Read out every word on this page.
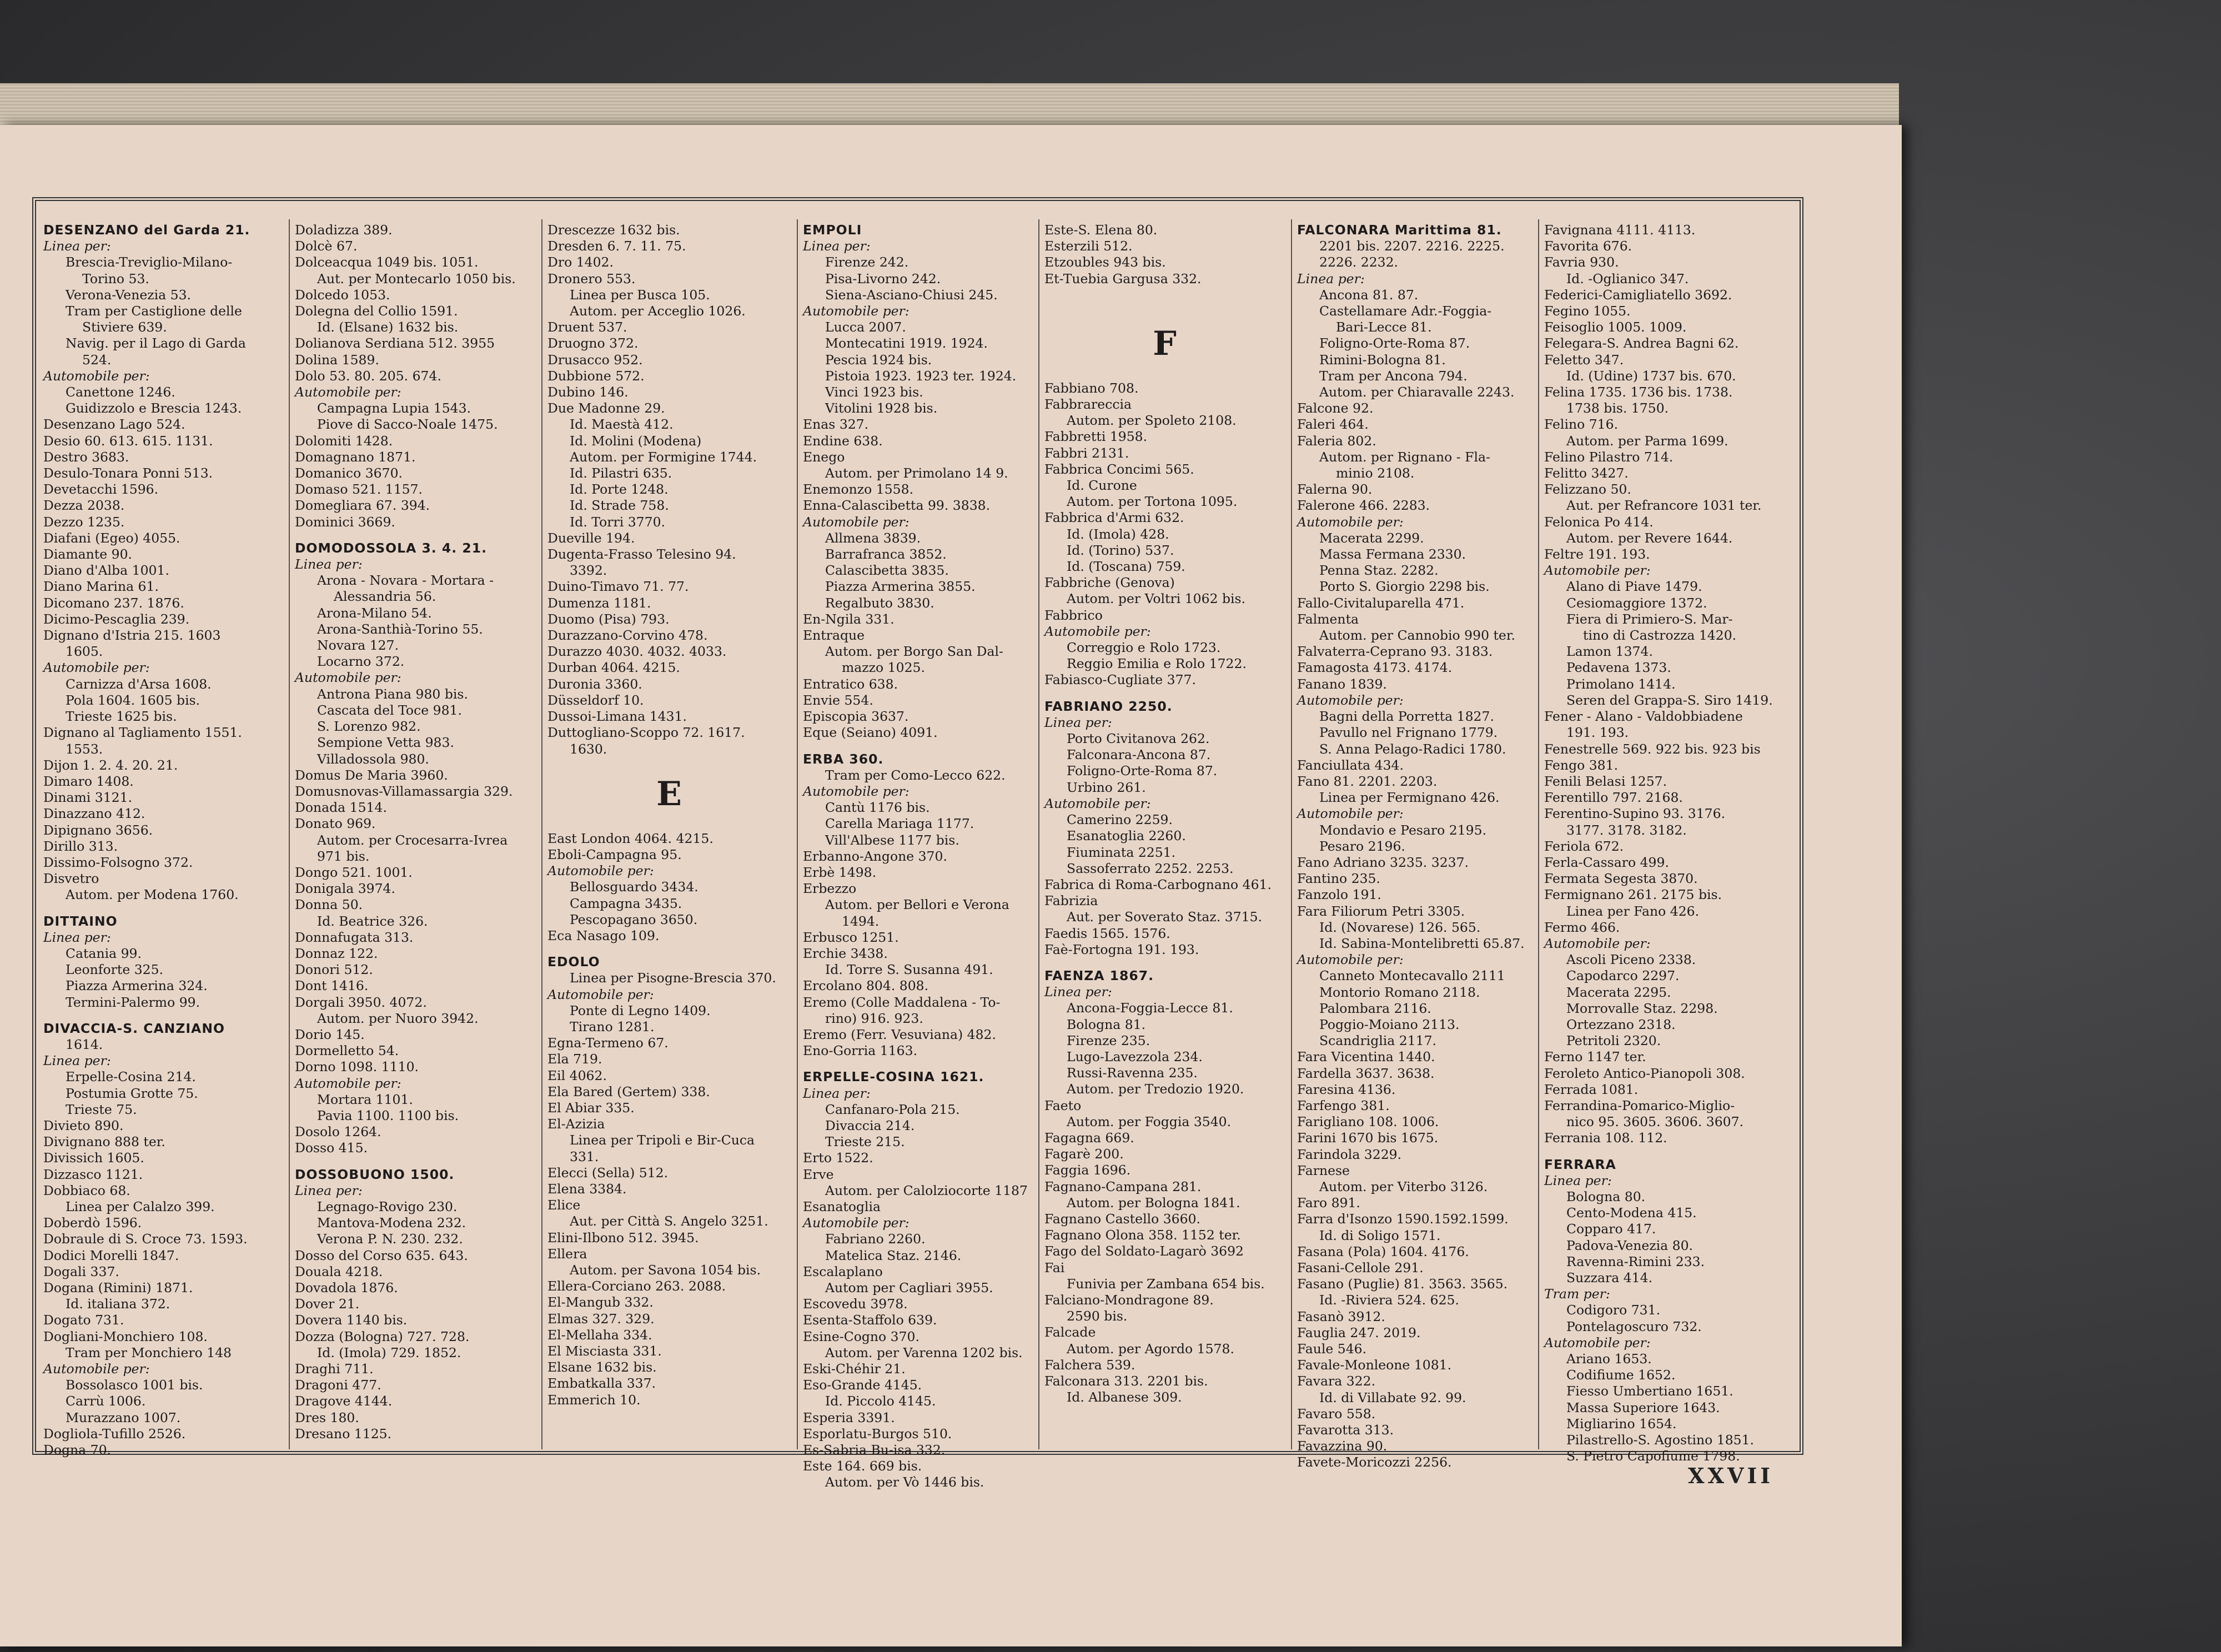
DESENZANO del Garda 21.
Linea per:
Brescia-Treviglio-Milano-
Torino 53.
Verona-Venezia 53.
Tram per Castiglione delle
Stiviere 639.
Navig. per il Lago di Garda
524.
Automobile per:
Canettone 1246.
Guidizzolo e Brescia 1243.
Desenzano Lago 524.
Desio 60. 613. 615. 1131.
Destro 3683.
Desulo-Tonara Ponni 513.
Devetacchi 1596.
Dezza 2038.
Dezzo 1235.
Diafani (Egeo) 4055.
Diamante 90.
Diano d'Alba 1001.
Diano Marina 61.
Dicomano 237. 1876.
Dicimo-Pescaglia 239.
Dignano d'Istria 215. 1603
1605.
Automobile per:
Carnizza d'Arsa 1608.
Pola 1604. 1605 bis.
Trieste 1625 bis.
Dignano al Tagliamento 1551.
1553.
Dijon 1. 2. 4. 20. 21.
Dimaro 1408.
Dinami 3121.
Dinazzano 412.
Dipignano 3656.
Dirillo 313.
Dissimo-Folsogno 372.
Disvetro
Autom. per Modena 1760.
DITTAINO
Linea per:
Catania 99.
Leonforte 325.
Piazza Armerina 324.
Termini-Palermo 99.
DIVACCIA-S. CANZIANO
1614.
Linea per:
Erpelle-Cosina 214.
Postumia Grotte 75.
Trieste 75.
Divieto 890.
Divignano 888 ter.
Divissich 1605.
Dizzasco 1121.
Dobbiaco 68.
Linea per Calalzo 399.
Doberdò 1596.
Dobraule di S. Croce 73. 1593.
Dodici Morelli 1847.
Dogali 337.
Dogana (Rimini) 1871.
Id. italiana 372.
Dogato 731.
Dogliani-Monchiero 108.
Tram per Monchiero 148
Automobile per:
Bossolasco 1001 bis.
Carrù 1006.
Murazzano 1007.
Dogliola-Tufillo 2526.
Dogna 70.
Doladizza 389.
Dolcè 67.
Dolceacqua 1049 bis. 1051.
Aut. per Montecarlo 1050 bis.
Dolcedo 1053.
Dolegna del Collio 1591.
Id. (Elsane) 1632 bis.
Dolianova Serdiana 512. 3955
Dolina 1589.
Dolo 53. 80. 205. 674.
Automobile per:
Campagna Lupia 1543.
Piove di Sacco-Noale 1475.
Dolomiti 1428.
Domagnano 1871.
Domanico 3670.
Domaso 521. 1157.
Domegliara 67. 394.
Dominici 3669.
DOMODOSSOLA 3. 4. 21.
Linea per:
Arona - Novara - Mortara -
Alessandria 56.
Arona-Milano 54.
Arona-Santhià-Torino 55.
Novara 127.
Locarno 372.
Automobile per:
Antrona Piana 980 bis.
Cascata del Toce 981.
S. Lorenzo 982.
Sempione Vetta 983.
Villadossola 980.
Domus De Maria 3960.
Domusnovas-Villamassargia 329.
Donada 1514.
Donato 969.
Autom. per Crocesarra-Ivrea
971 bis.
Dongo 521. 1001.
Donigala 3974.
Donna 50.
Id. Beatrice 326.
Donnafugata 313.
Donnaz 122.
Donori 512.
Dont 1416.
Dorgali 3950. 4072.
Autom. per Nuoro 3942.
Dorio 145.
Dormelletto 54.
Dorno 1098. 1110.
Automobile per:
Mortara 1101.
Pavia 1100. 1100 bis.
Dosolo 1264.
Dosso 415.
DOSSOBUONO 1500.
Linea per:
Legnago-Rovigo 230.
Mantova-Modena 232.
Verona P. N. 230. 232.
Dosso del Corso 635. 643.
Douala 4218.
Dovadola 1876.
Dover 21.
Dovera 1140 bis.
Dozza (Bologna) 727. 728.
Id. (Imola) 729. 1852.
Draghi 711.
Dragoni 477.
Dragove 4144.
Dres 180.
Dresano 1125.
Drescezze 1632 bis.
Dresden 6. 7. 11. 75.
Dro 1402.
Dronero 553.
Linea per Busca 105.
Autom. per Acceglio 1026.
Druent 537.
Druogno 372.
Drusacco 952.
Dubbione 572.
Dubino 146.
Due Madonne 29.
Id. Maestà 412.
Id. Molini (Modena)
Autom. per Formigine 1744.
Id. Pilastri 635.
Id. Porte 1248.
Id. Strade 758.
Id. Torri 3770.
Dueville 194.
Dugenta-Frasso Telesino 94.
3392.
Duino-Timavo 71. 77.
Dumenza 1181.
Duomo (Pisa) 793.
Durazzano-Corvino 478.
Durazzo 4030. 4032. 4033.
Durban 4064. 4215.
Duronia 3360.
Düsseldorf 10.
Dussoi-Limana 1431.
Duttogliano-Scoppo 72. 1617.
1630.
E
East London 4064. 4215.
Eboli-Campagna 95.
Automobile per:
Bellosguardo 3434.
Campagna 3435.
Pescopagano 3650.
Eca Nasago 109.
EDOLO
Linea per Pisogne-Brescia 370.
Automobile per:
Ponte di Legno 1409.
Tirano 1281.
Egna-Termeno 67.
Ela 719.
Eil 4062.
Ela Bared (Gertem) 338.
El Abiar 335.
El-Azizia
Linea per Tripoli e Bir-Cuca
331.
Elecci (Sella) 512.
Elena 3384.
Elice
Aut. per Città S. Angelo 3251.
Elini-Ilbono 512. 3945.
Ellera
Autom. per Savona 1054 bis.
Ellera-Corciano 263. 2088.
El-Mangub 332.
Elmas 327. 329.
El-Mellaha 334.
El Misciasta 331.
Elsane 1632 bis.
Embatkalla 337.
Emmerich 10.
EMPOLI
Linea per:
Firenze 242.
Pisa-Livorno 242.
Siena-Asciano-Chiusi 245.
Automobile per:
Lucca 2007.
Montecatini 1919. 1924.
Pescia 1924 bis.
Pistoia 1923. 1923 ter. 1924.
Vinci 1923 bis.
Vitolini 1928 bis.
Enas 327.
Endine 638.
Enego
Autom. per Primolano 14 9.
Enemonzo 1558.
Enna-Calascibetta 99. 3838.
Automobile per:
Allmena 3839.
Barrafranca 3852.
Calascibetta 3835.
Piazza Armerina 3855.
Regalbuto 3830.
En-Ngila 331.
Entraque
Autom. per Borgo San Dal-
mazzo 1025.
Entratico 638.
Envie 554.
Episcopia 3637.
Eque (Seiano) 4091.
ERBA 360.
Tram per Como-Lecco 622.
Automobile per:
Cantù 1176 bis.
Carella Mariaga 1177.
Vill'Albese 1177 bis.
Erbanno-Angone 370.
Erbè 1498.
Erbezzo
Autom. per Bellori e Verona
1494.
Erbusco 1251.
Erchie 3438.
Id. Torre S. Susanna 491.
Ercolano 804. 808.
Eremo (Colle Maddalena - To-
rino) 916. 923.
Eremo (Ferr. Vesuviana) 482.
Eno-Gorria 1163.
ERPELLE-COSINA 1621.
Linea per:
Canfanaro-Pola 215.
Divaccia 214.
Trieste 215.
Erto 1522.
Erve
Autom. per Calolziocorte 1187
Esanatoglia
Automobile per:
Fabriano 2260.
Matelica Staz. 2146.
Escalaplano
Autom per Cagliari 3955.
Escovedu 3978.
Esenta-Staffolo 639.
Esine-Cogno 370.
Autom. per Varenna 1202 bis.
Eski-Chéhir 21.
Eso-Grande 4145.
Id. Piccolo 4145.
Esperia 3391.
Esporlatu-Burgos 510.
Es-Sabria Bu-isa 332.
Este 164. 669 bis.
Autom. per Vò 1446 bis.
Este-S. Elena 80.
Esterzili 512.
Etzoubles 943 bis.
Et-Tuebia Gargusa 332.
F
Fabbiano 708.
Fabbrareccia
Autom. per Spoleto 2108.
Fabbretti 1958.
Fabbri 2131.
Fabbrica Concimi 565.
Id. Curone
Autom. per Tortona 1095.
Fabbrica d'Armi 632.
Id. (Imola) 428.
Id. (Torino) 537.
Id. (Toscana) 759.
Fabbriche (Genova)
Autom. per Voltri 1062 bis.
Fabbrico
Automobile per:
Correggio e Rolo 1723.
Reggio Emilia e Rolo 1722.
Fabiasco-Cugliate 377.
FABRIANO 2250.
Linea per:
Porto Civitanova 262.
Falconara-Ancona 87.
Foligno-Orte-Roma 87.
Urbino 261.
Automobile per:
Camerino 2259.
Esanatoglia 2260.
Fiuminata 2251.
Sassoferrato 2252. 2253.
Fabrica di Roma-Carbognano 461.
Fabrizia
Aut. per Soverato Staz. 3715.
Faedis 1565. 1576.
Faè-Fortogna 191. 193.
FAENZA 1867.
Linea per:
Ancona-Foggia-Lecce 81.
Bologna 81.
Firenze 235.
Lugo-Lavezzola 234.
Russi-Ravenna 235.
Autom. per Tredozio 1920.
Faeto
Autom. per Foggia 3540.
Fagagna 669.
Fagarè 200.
Faggia 1696.
Fagnano-Campana 281.
Autom. per Bologna 1841.
Fagnano Castello 3660.
Fagnano Olona 358. 1152 ter.
Fago del Soldato-Lagarò 3692
Fai
Funivia per Zambana 654 bis.
Falciano-Mondragone 89.
2590 bis.
Falcade
Autom. per Agordo 1578.
Falchera 539.
Falconara 313. 2201 bis.
Id. Albanese 309.
FALCONARA Marittima 81.
2201 bis. 2207. 2216. 2225.
2226. 2232.
Linea per:
Ancona 81. 87.
Castellamare Adr.-Foggia-
Bari-Lecce 81.
Foligno-Orte-Roma 87.
Rimini-Bologna 81.
Tram per Ancona 794.
Autom. per Chiaravalle 2243.
Falcone 92.
Faleri 464.
Faleria 802.
Autom. per Rignano - Fla-
minio 2108.
Falerna 90.
Falerone 466. 2283.
Automobile per:
Macerata 2299.
Massa Fermana 2330.
Penna Staz. 2282.
Porto S. Giorgio 2298 bis.
Fallo-Civitaluparella 471.
Falmenta
Autom. per Cannobio 990 ter.
Falvaterra-Ceprano 93. 3183.
Famagosta 4173. 4174.
Fanano 1839.
Automobile per:
Bagni della Porretta 1827.
Pavullo nel Frignano 1779.
S. Anna Pelago-Radici 1780.
Fanciullata 434.
Fano 81. 2201. 2203.
Linea per Fermignano 426.
Automobile per:
Mondavio e Pesaro 2195.
Pesaro 2196.
Fano Adriano 3235. 3237.
Fantino 235.
Fanzolo 191.
Fara Filiorum Petri 3305.
Id. (Novarese) 126. 565.
Id. Sabina-Montelibretti 65.87.
Automobile per:
Canneto Montecavallo 2111
Montorio Romano 2118.
Palombara 2116.
Poggio-Moiano 2113.
Scandriglia 2117.
Fara Vicentina 1440.
Fardella 3637. 3638.
Faresina 4136.
Farfengo 381.
Farigliano 108. 1006.
Farini 1670 bis 1675.
Farindola 3229.
Farnese
Autom. per Viterbo 3126.
Faro 891.
Farra d'Isonzo 1590.1592.1599.
Id. di Soligo 1571.
Fasana (Pola) 1604. 4176.
Fasani-Cellole 291.
Fasano (Puglie) 81. 3563. 3565.
Id. -Riviera 524. 625.
Fasanò 3912.
Fauglia 247. 2019.
Faule 546.
Favale-Monleone 1081.
Favara 322.
Id. di Villabate 92. 99.
Favaro 558.
Favarotta 313.
Favazzina 90.
Favete-Moricozzi 2256.
Favignana 4111. 4113.
Favorita 676.
Favria 930.
Id. -Oglianico 347.
Federici-Camigliatello 3692.
Fegino 1055.
Feisoglio 1005. 1009.
Felegara-S. Andrea Bagni 62.
Feletto 347.
Id. (Udine) 1737 bis. 670.
Felina 1735. 1736 bis. 1738.
1738 bis. 1750.
Felino 716.
Autom. per Parma 1699.
Felino Pilastro 714.
Felitto 3427.
Felizzano 50.
Aut. per Refrancore 1031 ter.
Felonica Po 414.
Autom. per Revere 1644.
Feltre 191. 193.
Automobile per:
Alano di Piave 1479.
Cesiomaggiore 1372.
Fiera di Primiero-S. Mar-
tino di Castrozza 1420.
Lamon 1374.
Pedavena 1373.
Primolano 1414.
Seren del Grappa-S. Siro 1419.
Fener - Alano - Valdobbiadene
191. 193.
Fenestrelle 569. 922 bis. 923 bis
Fengo 381.
Fenili Belasi 1257.
Ferentillo 797. 2168.
Ferentino-Supino 93. 3176.
3177. 3178. 3182.
Feriola 672.
Ferla-Cassaro 499.
Fermata Segesta 3870.
Fermignano 261. 2175 bis.
Linea per Fano 426.
Fermo 466.
Automobile per:
Ascoli Piceno 2338.
Capodarco 2297.
Macerata 2295.
Morrovalle Staz. 2298.
Ortezzano 2318.
Petritoli 2320.
Ferno 1147 ter.
Feroleto Antico-Pianopoli 308.
Ferrada 1081.
Ferrandina-Pomarico-Miglio-
nico 95. 3605. 3606. 3607.
Ferrania 108. 112.
FERRARA
Linea per:
Bologna 80.
Cento-Modena 415.
Copparo 417.
Padova-Venezia 80.
Ravenna-Rimini 233.
Suzzara 414.
Tram per:
Codigoro 731.
Pontelagoscuro 732.
Automobile per:
Ariano 1653.
Codifiume 1652.
Fiesso Umbertiano 1651.
Massa Superiore 1643.
Migliarino 1654.
Pilastrello-S. Agostino 1851.
S. Pietro Capofiume 1798.
XXVII
